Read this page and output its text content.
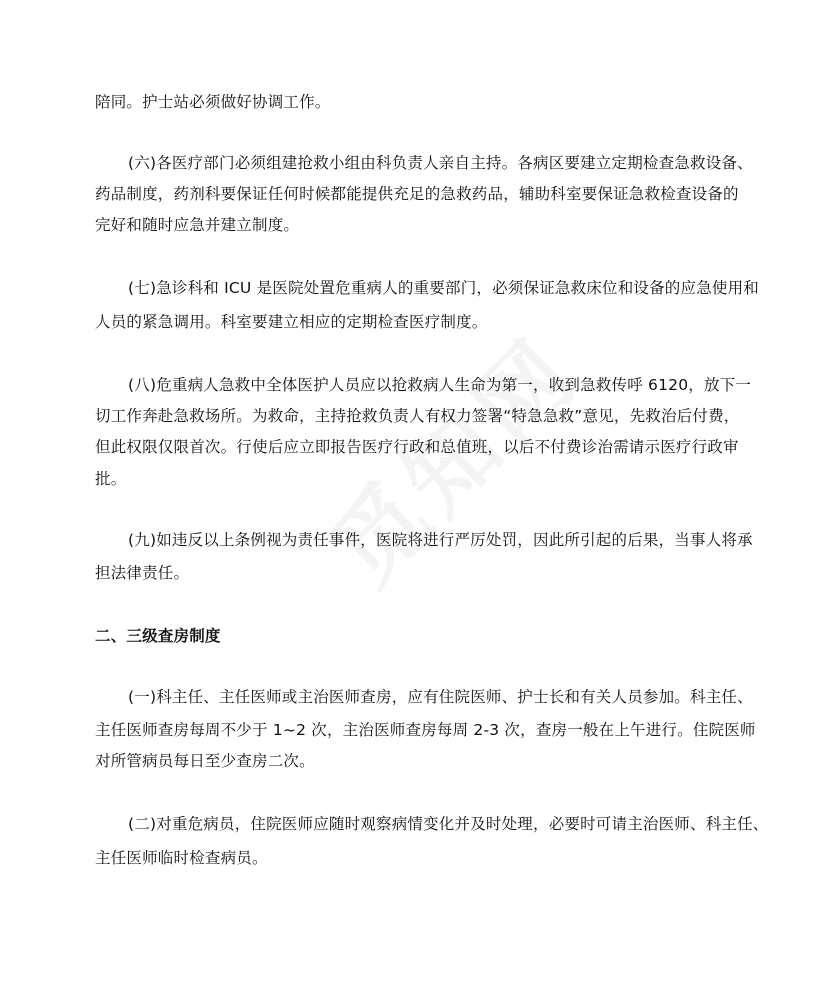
陪同。护士站必须做好协调工作。
(六)各医疗部门必须组建抢救小组由科负责人亲自主持。各病区要建立定期检查急救设备、
药品制度，药剂科要保证任何时候都能提供充足的急救药品，辅助科室要保证急救检查设备的
完好和随时应急并建立制度。
(七)急诊科和 ICU 是医院处置危重病人的重要部门，必须保证急救床位和设备的应急使用和
人员的紧急调用。科室要建立相应的定期检查医疗制度。
(八)危重病人急救中全体医护人员应以抢救病人生命为第一，收到急救传呼 6120，放下一
切工作奔赴急救场所。为救命，主持抢救负责人有权力签署“特急急救”意见，先救治后付费，
但此权限仅限首次。行使后应立即报告医疗行政和总值班，以后不付费诊治需请示医疗行政审
批。
(九)如违反以上条例视为责任事件，医院将进行严厉处罚，因此所引起的后果，当事人将承
担法律责任。
二、三级查房制度
(一)科主任、主任医师或主治医师查房，应有住院医师、护士长和有关人员参加。科主任、
主任医师查房每周不少于 1~2 次，主治医师查房每周 2-3 次，查房一般在上午进行。住院医师
对所管病员每日至少查房二次。
(二)对重危病员，住院医师应随时观察病情变化并及时处理，必要时可请主治医师、科主任、
主任医师临时检查病员。
